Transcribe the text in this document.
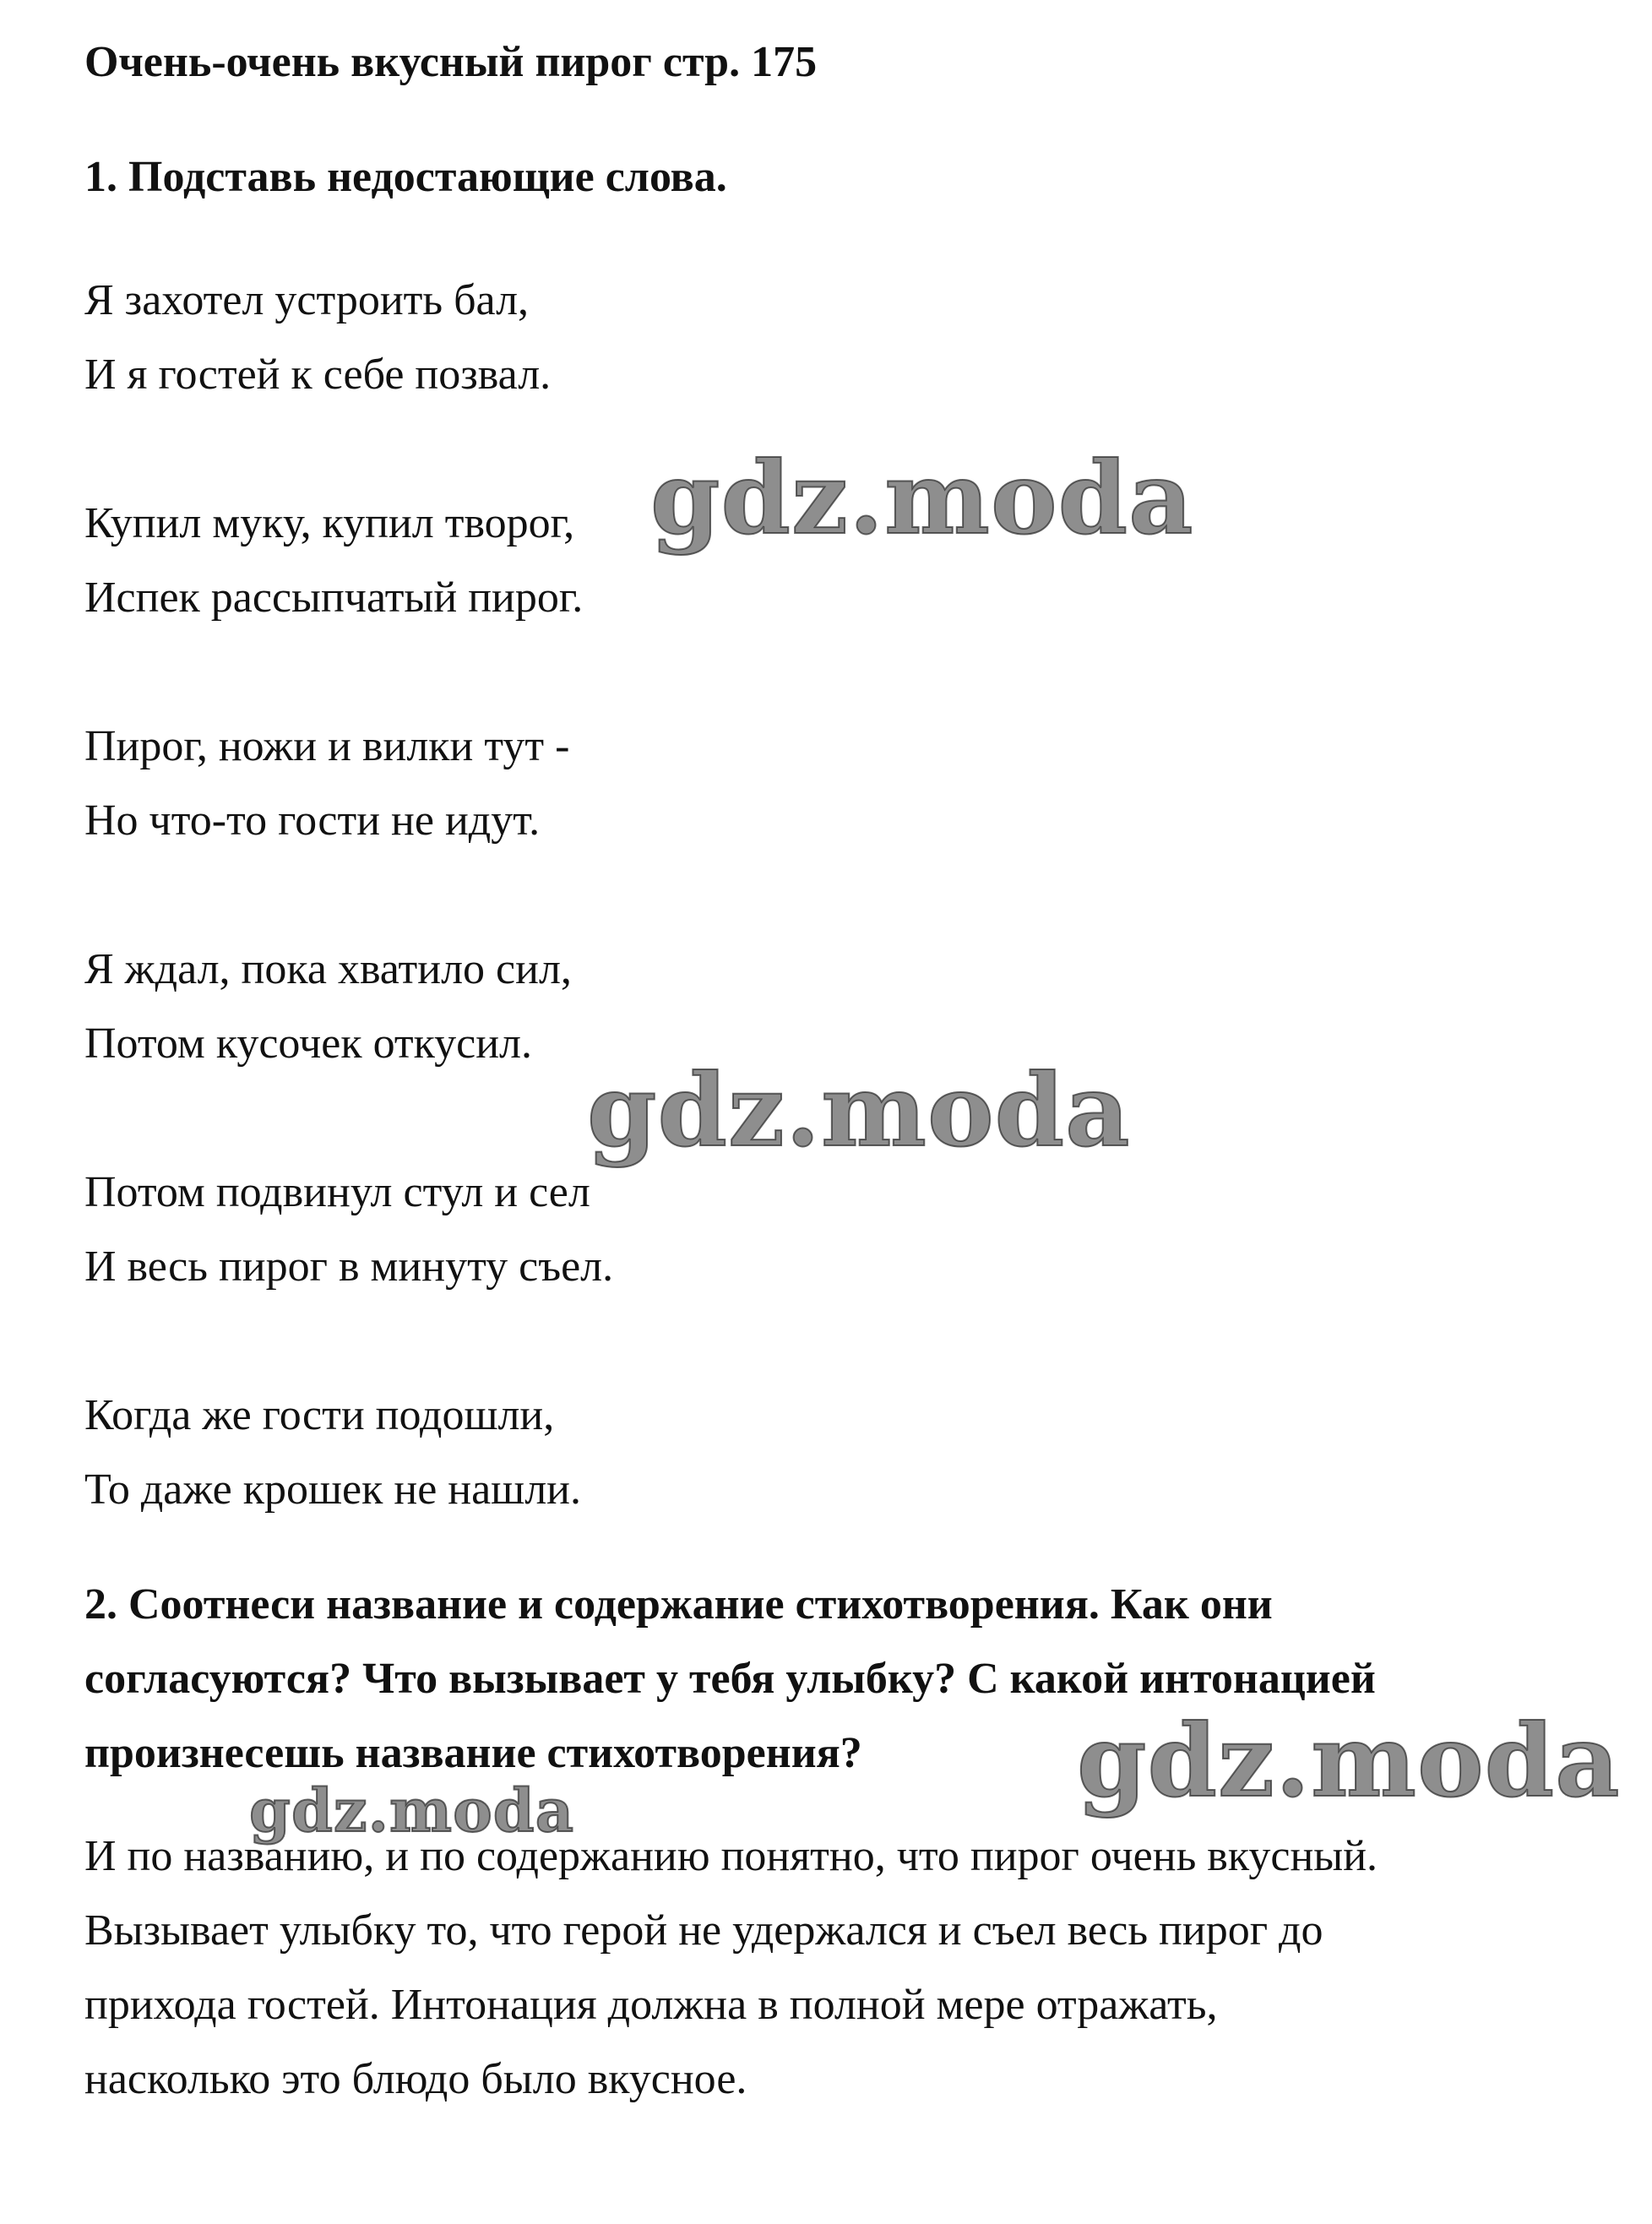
Очень-очень вкусный пирог стр. 175
1. Подставь недостающие слова.
Я захотел устроить бал,
И я гостей к себе позвал.
Купил муку, купил творог,
Испек рассыпчатый пирог.
Пирог, ножи и вилки тут -
Но что-то гости не идут.
Я ждал, пока хватило сил,
Потом кусочек откусил.
Потом подвинул стул и сел
И весь пирог в минуту съел.
Когда же гости подошли,
То даже крошек не нашли.
2. Соотнеси название и содержание стихотворения. Как они
согласуются? Что вызывает у тебя улыбку? С какой интонацией
произнесешь название стихотворения?
И по названию, и по содержанию понятно, что пирог очень вкусный.
Вызывает улыбку то, что герой не удержался и съел весь пирог до
прихода гостей. Интонация должна в полной мере отражать,
насколько это блюдо было вкусное.
gdz.moda
gdz.moda
gdz.moda
gdz.moda
